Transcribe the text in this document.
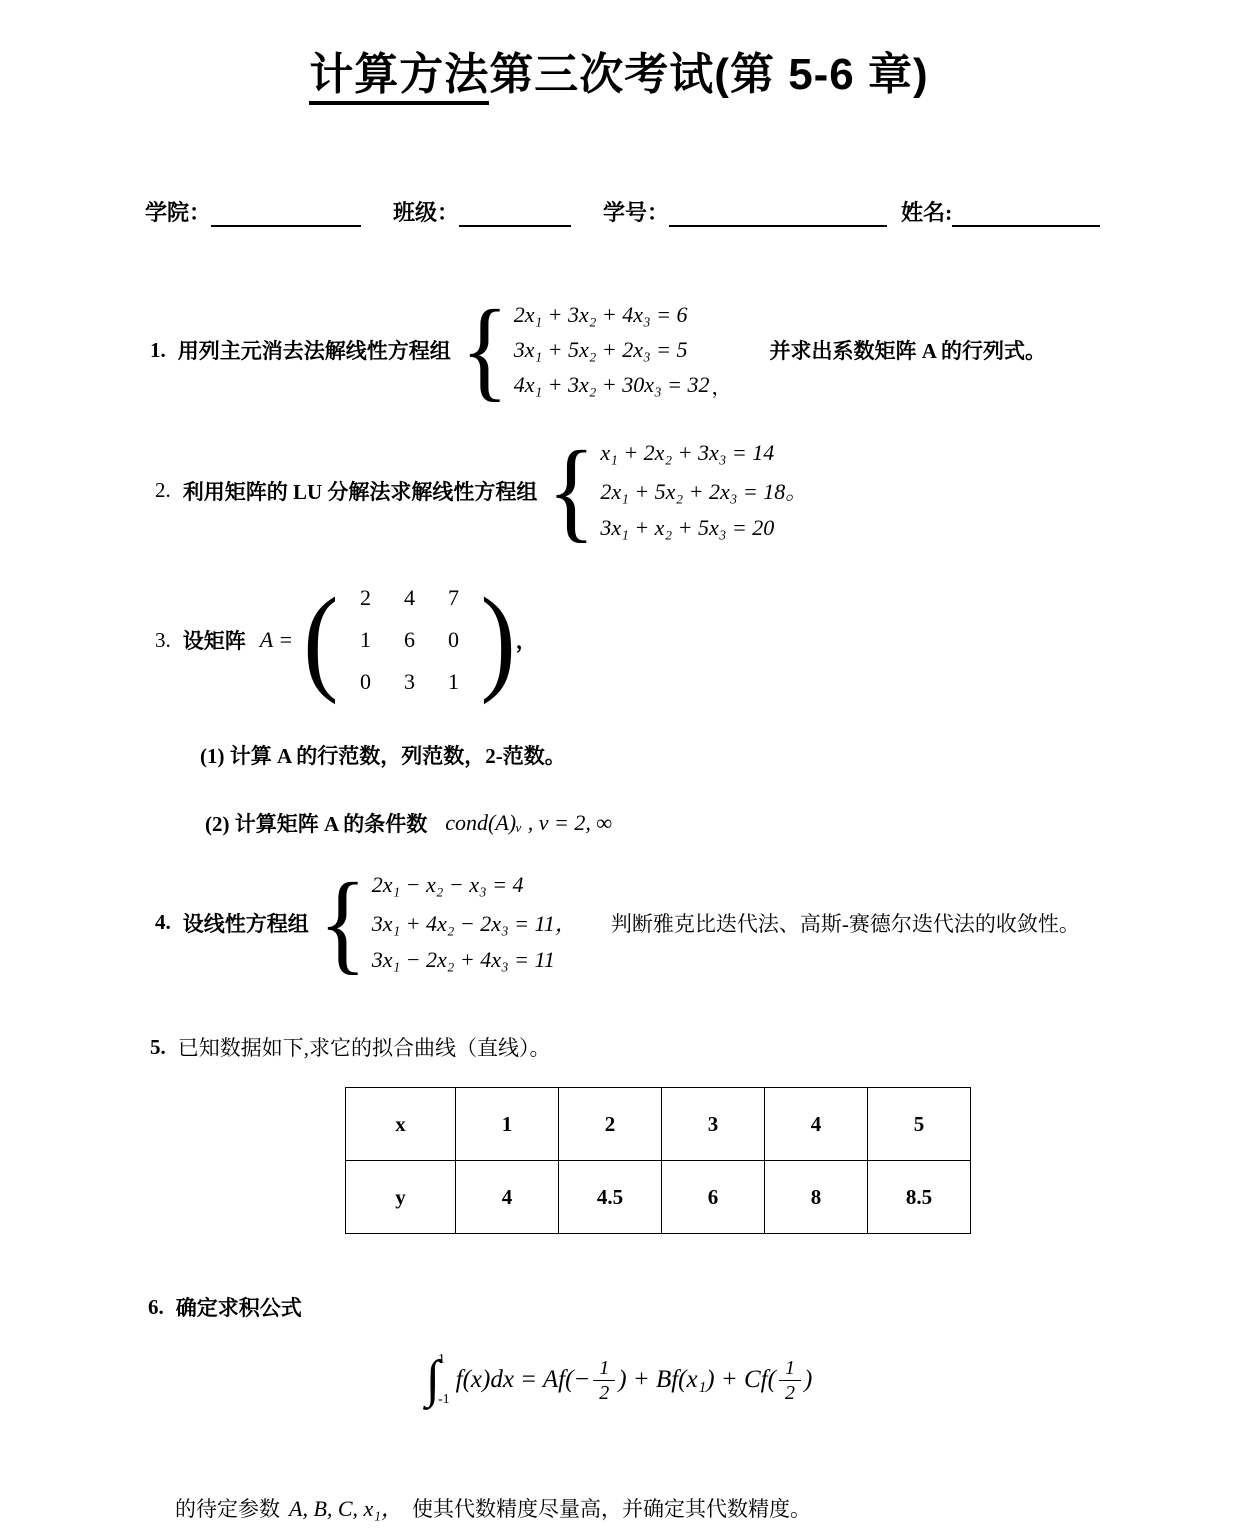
计算方法第三次考试(第 5-6 章)
学院：	班级：	学号：	姓名:
1. 用列主元消去法解线性方程组 { 2x₁ + 3x₂ + 4x₃ = 6
3x₁ + 5x₂ + 2x₃ = 5
4x₁ + 3x₂ + 30x₃ = 32 ，
并求出系数矩阵 A 的行列式。
2. 利用矩阵的 LU 分解法求解线性方程组 { x₁ + 2x₂ + 3x₃ = 14
2x₁ + 5x₂ + 2x₃ = 18。
3x₁ + x₂ + 5x₃ = 20
3. 设矩阵 A = ( 2	4	7
1	6	0
0	3	1 ) ，
(1) 计算 A 的行范数，列范数，2-范数。
(2) 计算矩阵 A 的条件数 cond(A)ᵥ , v = 2, ∞
4. 设线性方程组 { 2x₁ − x₂ − x₃ = 4
3x₁ + 4x₂ − 2x₃ = 11，
3x₁ − 2x₂ + 4x₃ = 11
判断雅克比迭代法、高斯-赛德尔迭代法的收敛性。
5. 已知数据如下,求它的拟合曲线（直线）。
x	1	2	3	4	5
y	4	4.5	6	8	8.5
6. 确定求积公式
∫
1
-1
$f(x)dx = Af(- \frac{1}{2}$ ) + $Bf(x_1) + Cf( \frac{1}{2}$ )
的待定参数 A, B, C, x₁， 使其代数精度尽量高，并确定其代数精度。
